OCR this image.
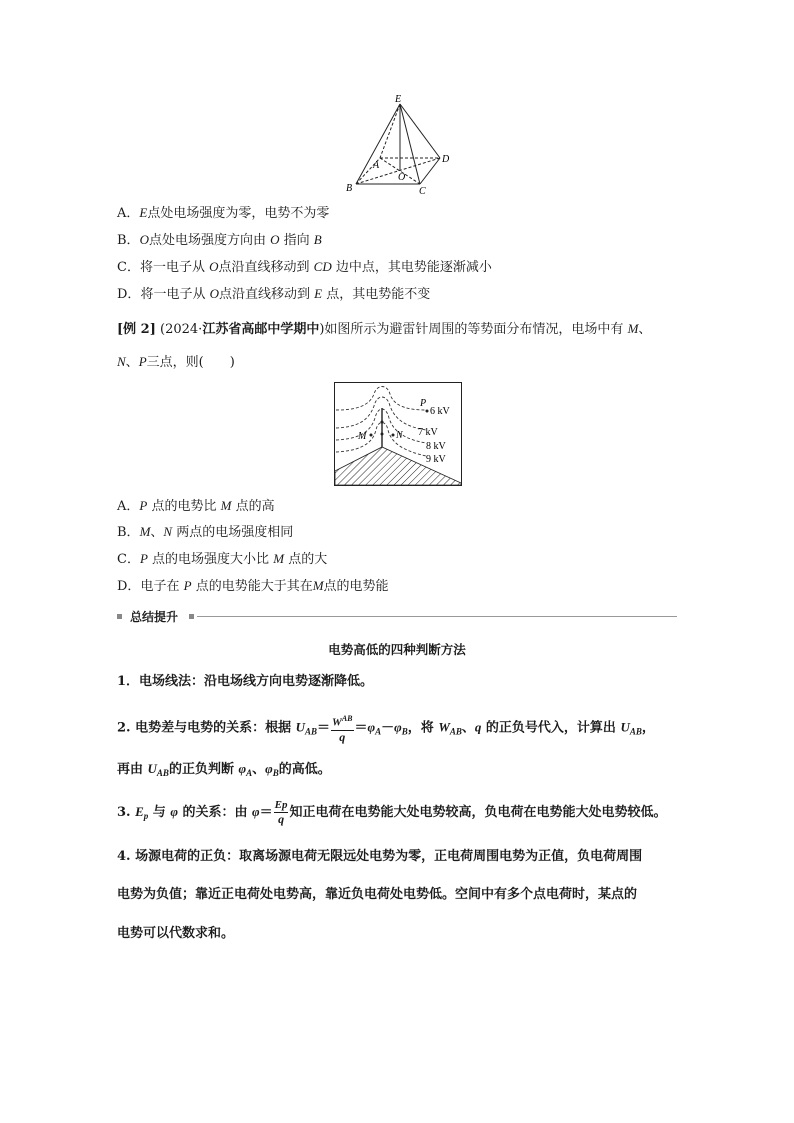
E
A
O
D
B	C
A．E点处电场强度为零，电势不为零
B．O点处电场强度方向由 O 指向 B
C．将一电子从 O点沿直线移动到 CD 边中点，其电势能逐渐减小
D．将一电子从 O点沿直线移动到 E 点，其电势能不变
[例 2] (2024·江苏省高邮中学期中)如图所示为避雷针周围的等势面分布情况，电场中有 M、
N、P三点，则(　　)
P
M	N
6 kV
7 kV
8 kV
9 kV
A．P 点的电势比 M 点的高
B．M、N 两点的电场强度相同
C．P 点的电场强度大小比 M 点的大
D．电子在 P 点的电势能大于其在M点的电势能
总结提升
电势高低的四种判断方法
1．电场线法：沿电场线方向电势逐渐降低。
2. 电势差与电势的关系：根据 $U_{AB}= \frac{W^{AB}}{q} =\varphi_A-\varphi_B$，将 $W_{AB}$、q 的正负号代入，计算出 $U_{AB}$，
再由 $U_{AB}$的正负判断 $\varphi_A$、$\varphi_B$的高低。
3. $E_p$ 与 φ 的关系：由 $\varphi= \frac{Ep}{q}$ 知正电荷在电势能大处电势较高，负电荷在电势能大处电势较低。
4. 场源电荷的正负：取离场源电荷无限远处电势为零，正电荷周围电势为正值，负电荷周围
电势为负值；靠近正电荷处电势高，靠近负电荷处电势低。空间中有多个点电荷时，某点的
电势可以代数求和。
